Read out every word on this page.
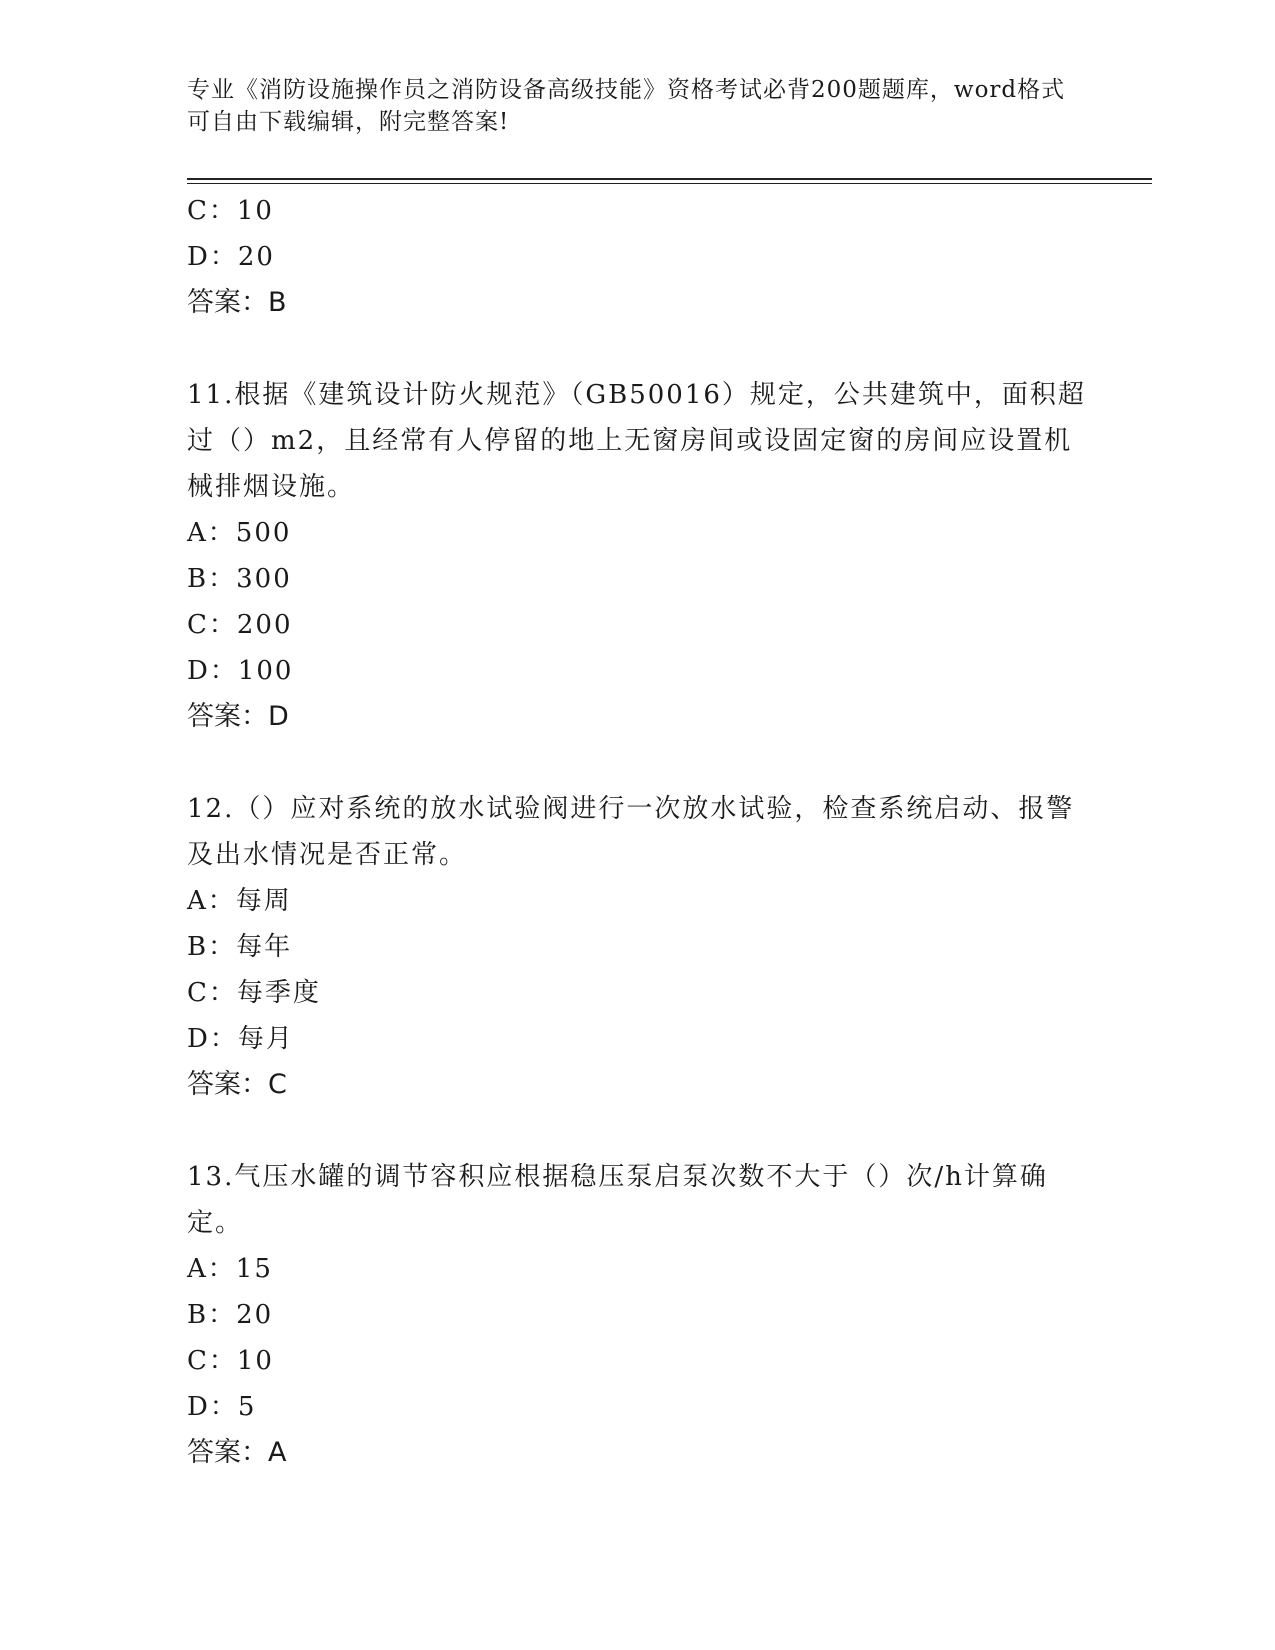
专业《消防设施操作员之消防设备高级技能》资格考试必背200题题库，word格式可自由下载编辑，附完整答案!
C：10
D：20
答案：B
11.根据《建筑设计防火规范》（GB50016）规定，公共建筑中，面积超过（）m2，且经常有人停留的地上无窗房间或设固定窗的房间应设置机械排烟设施。
A：500
B：300
C：200
D：100
答案：D
12.（）应对系统的放水试验阀进行一次放水试验，检查系统启动、报警及出水情况是否正常。
A：每周
B：每年
C：每季度
D：每月
答案：C
13.气压水罐的调节容积应根据稳压泵启泵次数不大于（）次/h计算确定。
A：15
B：20
C：10
D：5
答案：A
